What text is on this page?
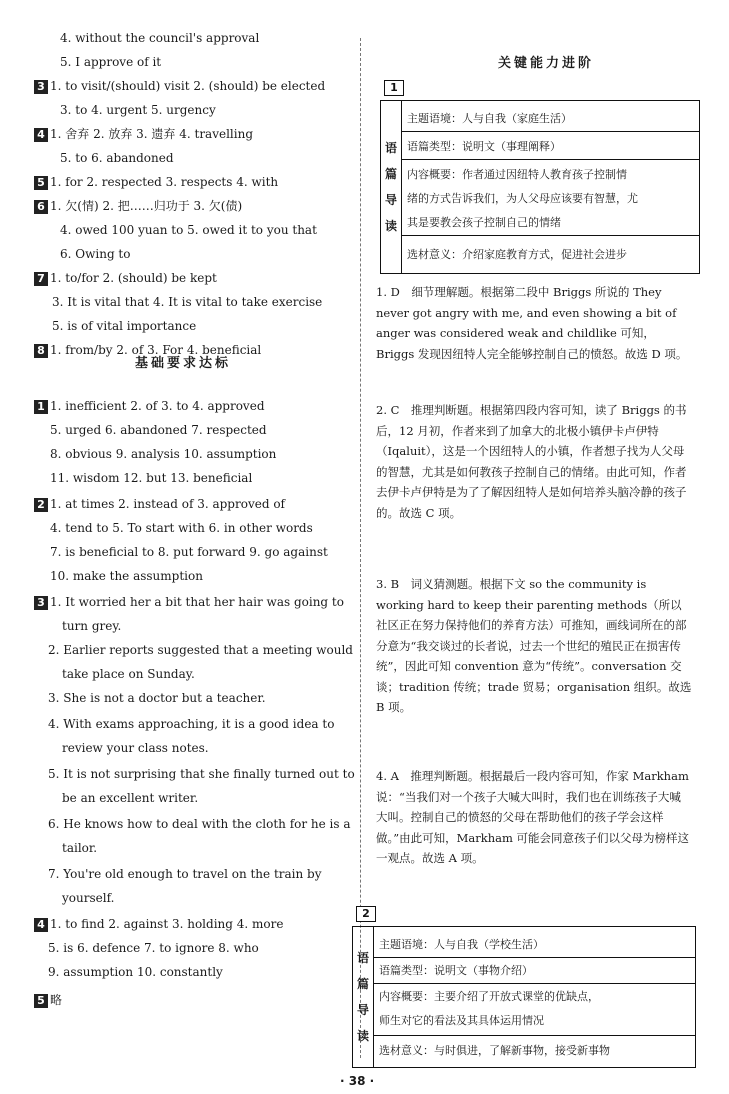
4. without the council's approval
5. I approve of it
3 1. to visit/(should) visit 2. (should) be elected
3. to 4. urgent 5. urgency
4 1. 舍弃 2. 放弃 3. 遗弃 4. travelling
5. to 6. abandoned
5 1. for 2. respected 3. respects 4. with
6 1. 欠(情) 2. 把……归功于 3. 欠(债)
4. owed 100 yuan to 5. owed it to you that
6. Owing to
7 1. to/for 2. (should) be kept
3. It is vital that 4. It is vital to take exercise
5. is of vital importance
8 1. from/by 2. of 3. For 4. beneficial
1 1. inefficient 2. of 3. to 4. approved
5. urged 6. abandoned 7. respected
8. obvious 9. analysis 10. assumption
11. wisdom 12. but 13. beneficial
2 1. at times 2. instead of 3. approved of
4. tend to 5. To start with 6. in other words
7. is beneficial to 8. put forward 9. go against
10. make the assumption
3 1. It worried her a bit that her hair was going to
turn grey.
2. Earlier reports suggested that a meeting would
take place on Sunday.
3. She is not a doctor but a teacher.
4. With exams approaching, it is a good idea to
review your class notes.
5. It is not surprising that she finally turned out to
be an excellent writer.
6. He knows how to deal with the cloth for he is a
tailor.
7. You're old enough to travel on the train by
yourself.
4 1. to find 2. against 3. holding 4. more
5. is 6. defence 7. to ignore 8. who
9. assumption 10. constantly
5 略
基础要求达标
关键能力进阶
1
语
篇
导
读
主题语境：人与自我（家庭生活）
语篇类型：说明文（事理阐释）
内容概要：作者通过因纽特人教育孩子控制情
绪的方式告诉我们，为人父母应该要有智慧，尤
其是要教会孩子控制自己的情绪
选材意义：介绍家庭教育方式，促进社会进步
1. D　细节理解题。根据第二段中 Briggs 所说的 They never got angry with me, and even showing a bit of anger was considered weak and childlike 可知，Briggs 发现因纽特人完全能够控制自己的愤怒。故选 D 项。
2. C　推理判断题。根据第四段内容可知，读了 Briggs 的书后，12 月初，作者来到了加拿大的北极小镇伊卡卢伊特（Iqaluit），这是一个因纽特人的小镇，作者想子找为人父母的智慧，尤其是如何教孩子控制自己的情绪。由此可知，作者去伊卡卢伊特是为了了解因纽特人是如何培养头脑冷静的孩子的。故选 C 项。
3. B　词义猜测题。根据下文 so the community is working hard to keep their parenting methods（所以社区正在努力保持他们的养育方法）可推知，画线词所在的部分意为“我交谈过的长者说，过去一个世纪的殖民正在损害传统”，因此可知 convention 意为“传统”。conversation 交谈；tradition 传统；trade 贸易；organisation 组织。故选 B 项。
4. A　推理判断题。根据最后一段内容可知，作家 Markham 说：“当我们对一个孩子大喊大叫时，我们也在训练孩子大喊大叫。控制自己的愤怒的父母在帮助他们的孩子学会这样做。”由此可知，Markham 可能会同意孩子们以父母为榜样这一观点。故选 A 项。
2
语
篇
导
读
主题语境：人与自我（学校生活）
语篇类型：说明文（事物介绍）
内容概要：主要介绍了开放式课堂的优缺点，
师生对它的看法及其具体运用情况
选材意义：与时俱进，了解新事物，接受新事物
· 38 ·
